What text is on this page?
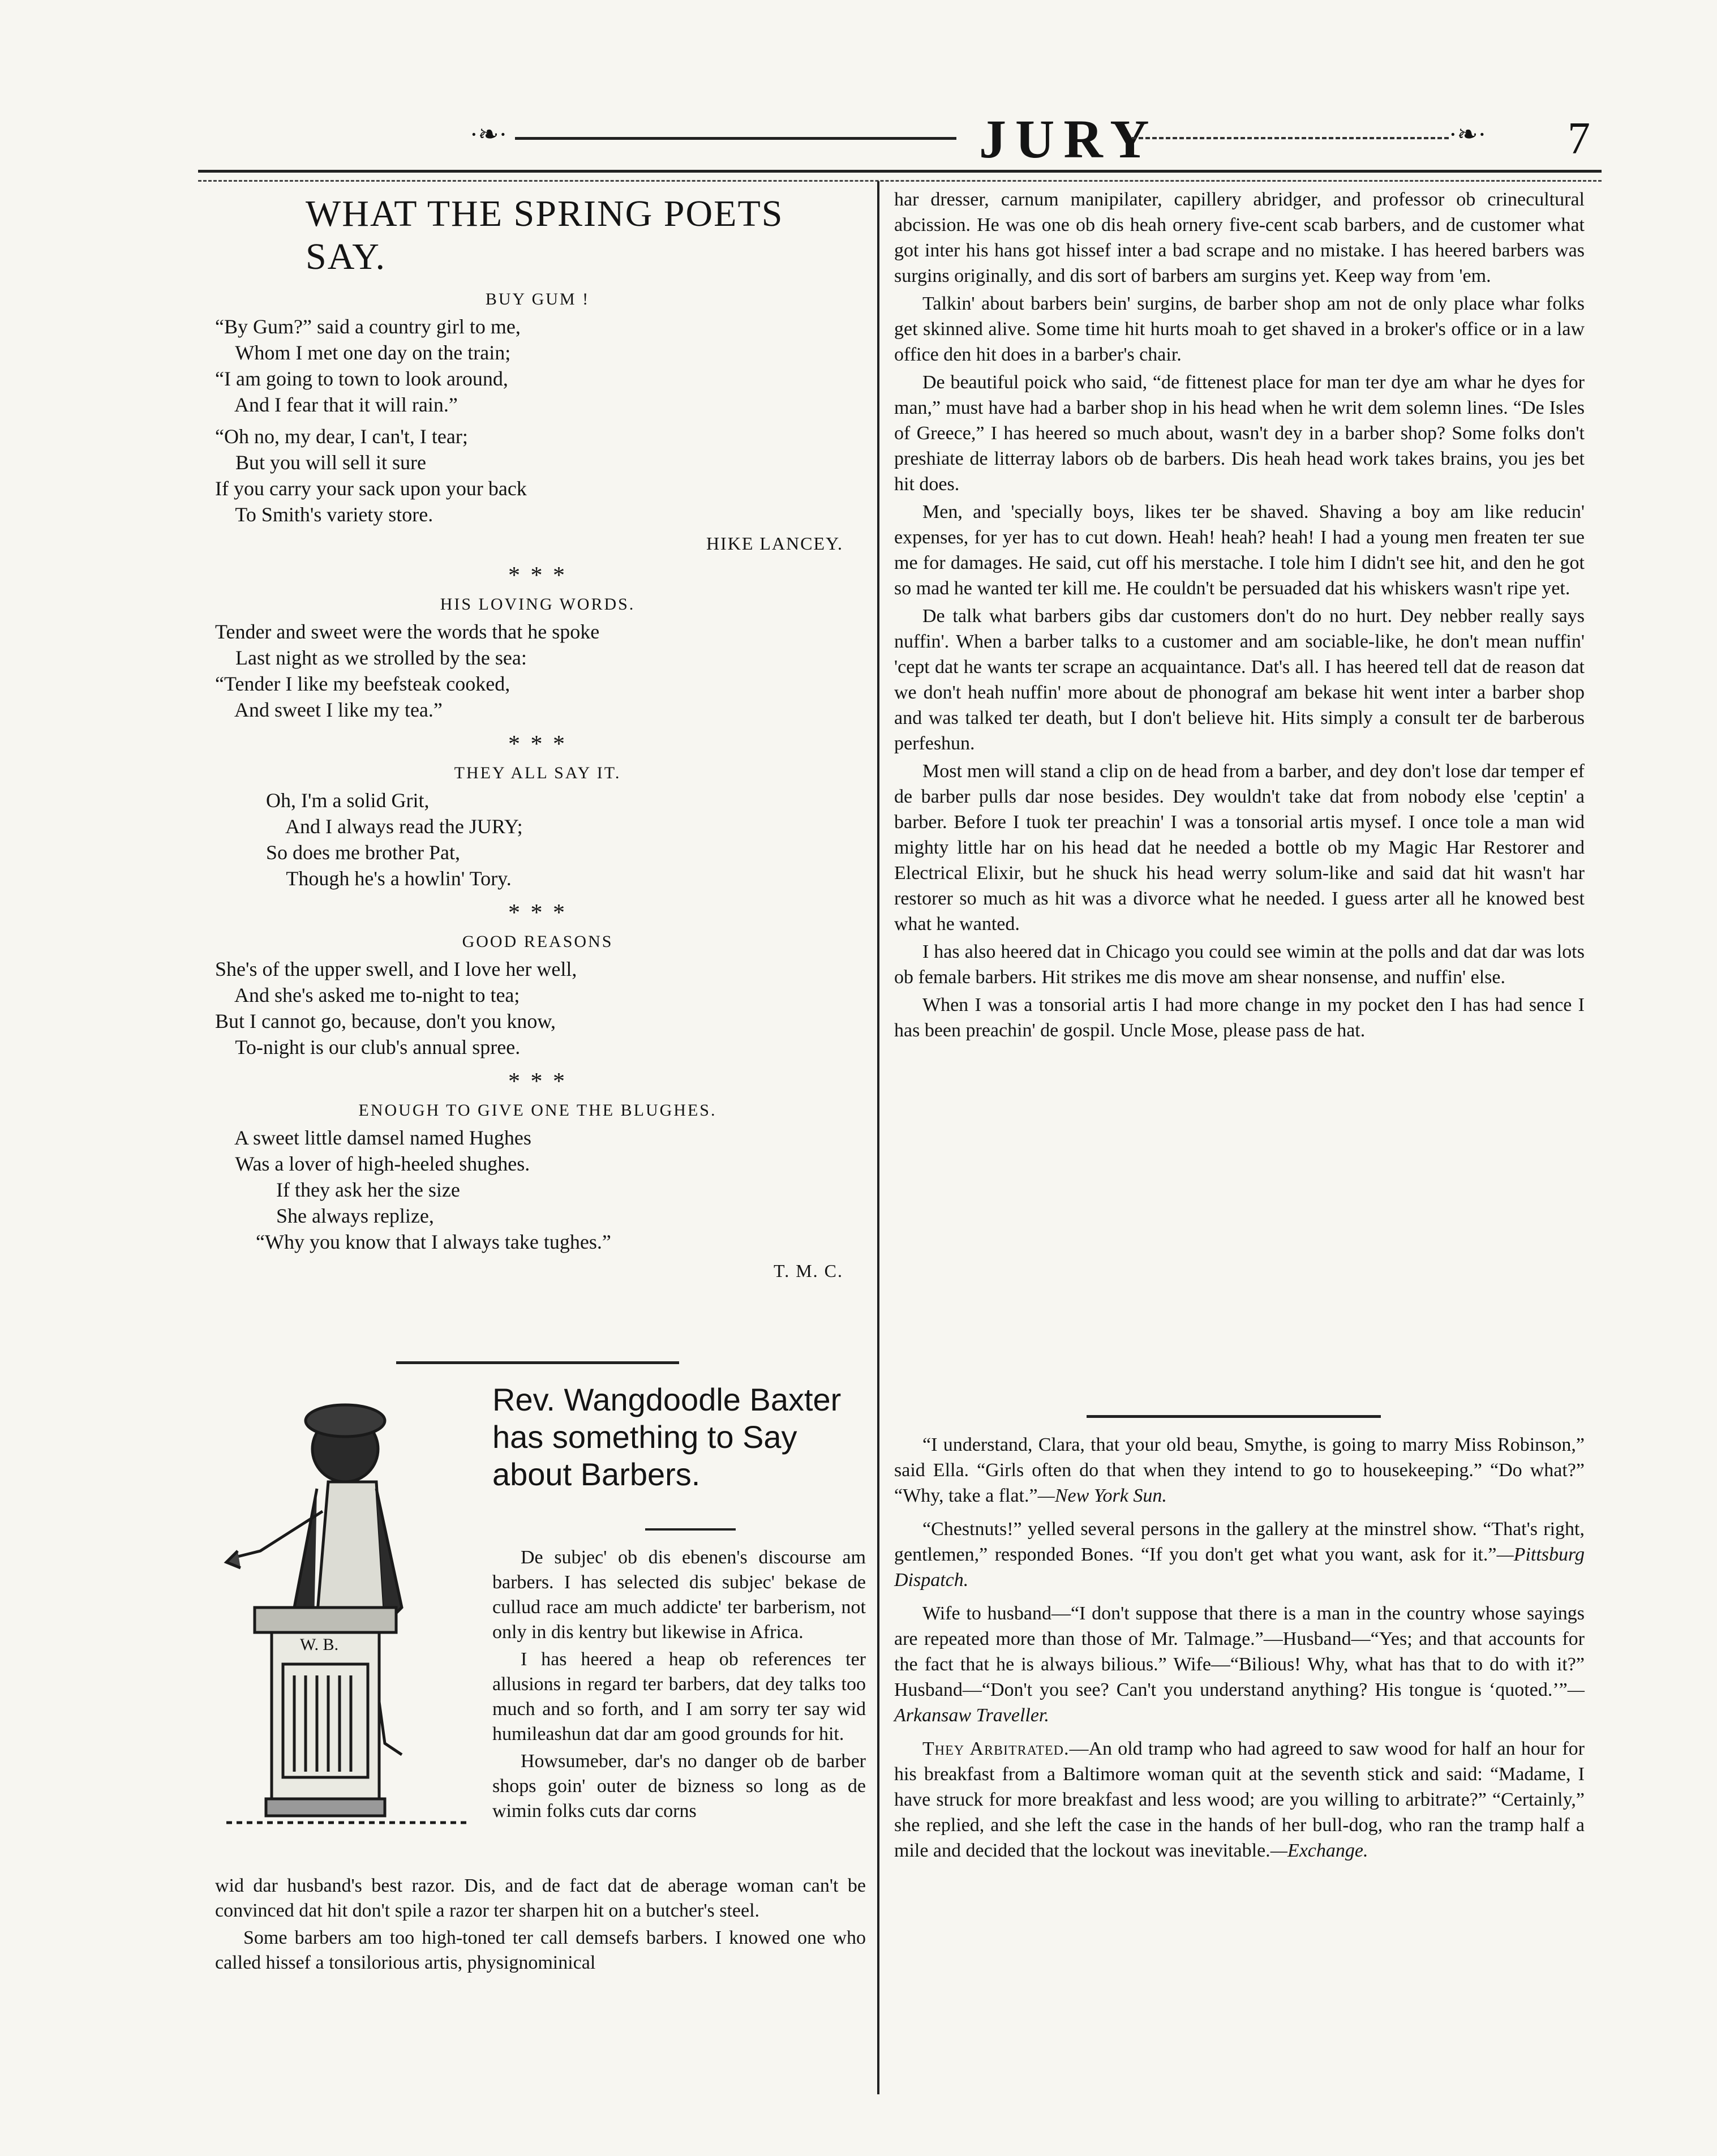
·❧·	JURY	·❧· 7
WHAT THE SPRING POETS SAY.
BUY GUM !
“By Gum?” said a country girl to me,
Whom I met one day on the train;
“I am going to town to look around,
And I fear that it will rain.”
“Oh no, my dear, I can't, I tear;
But you will sell it sure
If you carry your sack upon your back
To Smith's variety store.
HIKE LANCEY.
* * *
HIS LOVING WORDS.
Tender and sweet were the words that he spoke
Last night as we strolled by the sea:
“Tender I like my beefsteak cooked,
And sweet I like my tea.”
* * *
THEY ALL SAY IT.
Oh, I'm a solid Grit,
And I always read the JURY;
So does me brother Pat,
Though he's a howlin' Tory.
* * *
GOOD REASONS
She's of the upper swell, and I love her well,
And she's asked me to-night to tea;
But I cannot go, because, don't you know,
To-night is our club's annual spree.
* * *
ENOUGH TO GIVE ONE THE BLUGHES.
A sweet little damsel named Hughes
Was a lover of high-heeled shughes.
If they ask her the size
She always replize,
“Why you know that I always take tughes.”
T. M. C.
W. B.
Rev. Wangdoodle Baxter has something to Say about Barbers.

De subjec' ob dis ebenen's discourse am barbers. I has selected dis subjec' bekase de cullud race am much addicte' ter barberism, not only in dis kentry but likewise in Africa.

I has heered a heap ob references ter allusions in regard ter barbers, dat dey talks too much and so forth, and I am sorry ter say wid humileashun dat dar am good grounds for hit.

Howsumeber, dar's no danger ob de barber shops goin' outer de bizness so long as de wimin folks cuts dar corns

wid dar husband's best razor. Dis, and de fact dat de aberage woman can't be convinced dat hit don't spile a razor ter sharpen hit on a butcher's steel.

Some barbers am too high-toned ter call demsefs barbers. I knowed one who called hissef a tonsilorious artis, physignominical

har dresser, carnum manipilater, capillery abridger, and professor ob crinecultural abcission. He was one ob dis heah ornery five-cent scab barbers, and de customer what got inter his hans got hissef inter a bad scrape and no mistake. I has heered barbers was surgins originally, and dis sort of barbers am surgins yet. Keep way from 'em.

Talkin' about barbers bein' surgins, de barber shop am not de only place whar folks get skinned alive. Some time hit hurts moah to get shaved in a broker's office or in a law office den hit does in a barber's chair.

De beautiful poick who said, “de fittenest place for man ter dye am whar he dyes for man,” must have had a barber shop in his head when he writ dem solemn lines. “De Isles of Greece,” I has heered so much about, wasn't dey in a barber shop? Some folks don't preshiate de litterray labors ob de barbers. Dis heah head work takes brains, you jes bet hit does.

Men, and 'specially boys, likes ter be shaved. Shaving a boy am like reducin' expenses, for yer has to cut down. Heah! heah? heah! I had a young men freaten ter sue me for damages. He said, cut off his merstache. I tole him I didn't see hit, and den he got so mad he wanted ter kill me. He couldn't be persuaded dat his whiskers wasn't ripe yet.

De talk what barbers gibs dar customers don't do no hurt. Dey nebber really says nuffin'. When a barber talks to a customer and am sociable-like, he don't mean nuffin' 'cept dat he wants ter scrape an acquaintance. Dat's all. I has heered tell dat de reason dat we don't heah nuffin' more about de phonograf am bekase hit went inter a barber shop and was talked ter death, but I don't believe hit. Hits simply a consult ter de barberous perfeshun.

Most men will stand a clip on de head from a barber, and dey don't lose dar temper ef de barber pulls dar nose besides. Dey wouldn't take dat from nobody else 'ceptin' a barber. Before I tuok ter preachin' I was a tonsorial artis mysef. I once tole a man wid mighty little har on his head dat he needed a bottle ob my Magic Har Restorer and Electrical Elixir, but he shuck his head werry solum-like and said dat hit wasn't har restorer so much as hit was a divorce what he needed. I guess arter all he knowed best what he wanted.

I has also heered dat in Chicago you could see wimin at the polls and dat dar was lots ob female barbers. Hit strikes me dis move am shear nonsense, and nuffin' else.

When I was a tonsorial artis I had more change in my pocket den I has had sence I has been preachin' de gospil. Uncle Mose, please pass de hat.

“I understand, Clara, that your old beau, Smythe, is going to marry Miss Robinson,” said Ella. “Girls often do that when they intend to go to housekeeping.” “Do what?” “Why, take a flat.”—New York Sun.

“Chestnuts!” yelled several persons in the gallery at the minstrel show. “That's right, gentlemen,” responded Bones. “If you don't get what you want, ask for it.”—Pittsburg Dispatch.

Wife to husband—“I don't suppose that there is a man in the country whose sayings are repeated more than those of Mr. Talmage.”—Husband—“Yes; and that accounts for the fact that he is always bilious.” Wife—“Bilious! Why, what has that to do with it?” Husband—“Don't you see? Can't you understand anything? His tongue is ‘quoted.’”—Arkansaw Traveller.

They Arbitrated.—An old tramp who had agreed to saw wood for half an hour for his breakfast from a Baltimore woman quit at the seventh stick and said: “Madame, I have struck for more breakfast and less wood; are you willing to arbitrate?” “Certainly,” she replied, and she left the case in the hands of her bull-dog, who ran the tramp half a mile and decided that the lockout was inevitable.—Exchange.
